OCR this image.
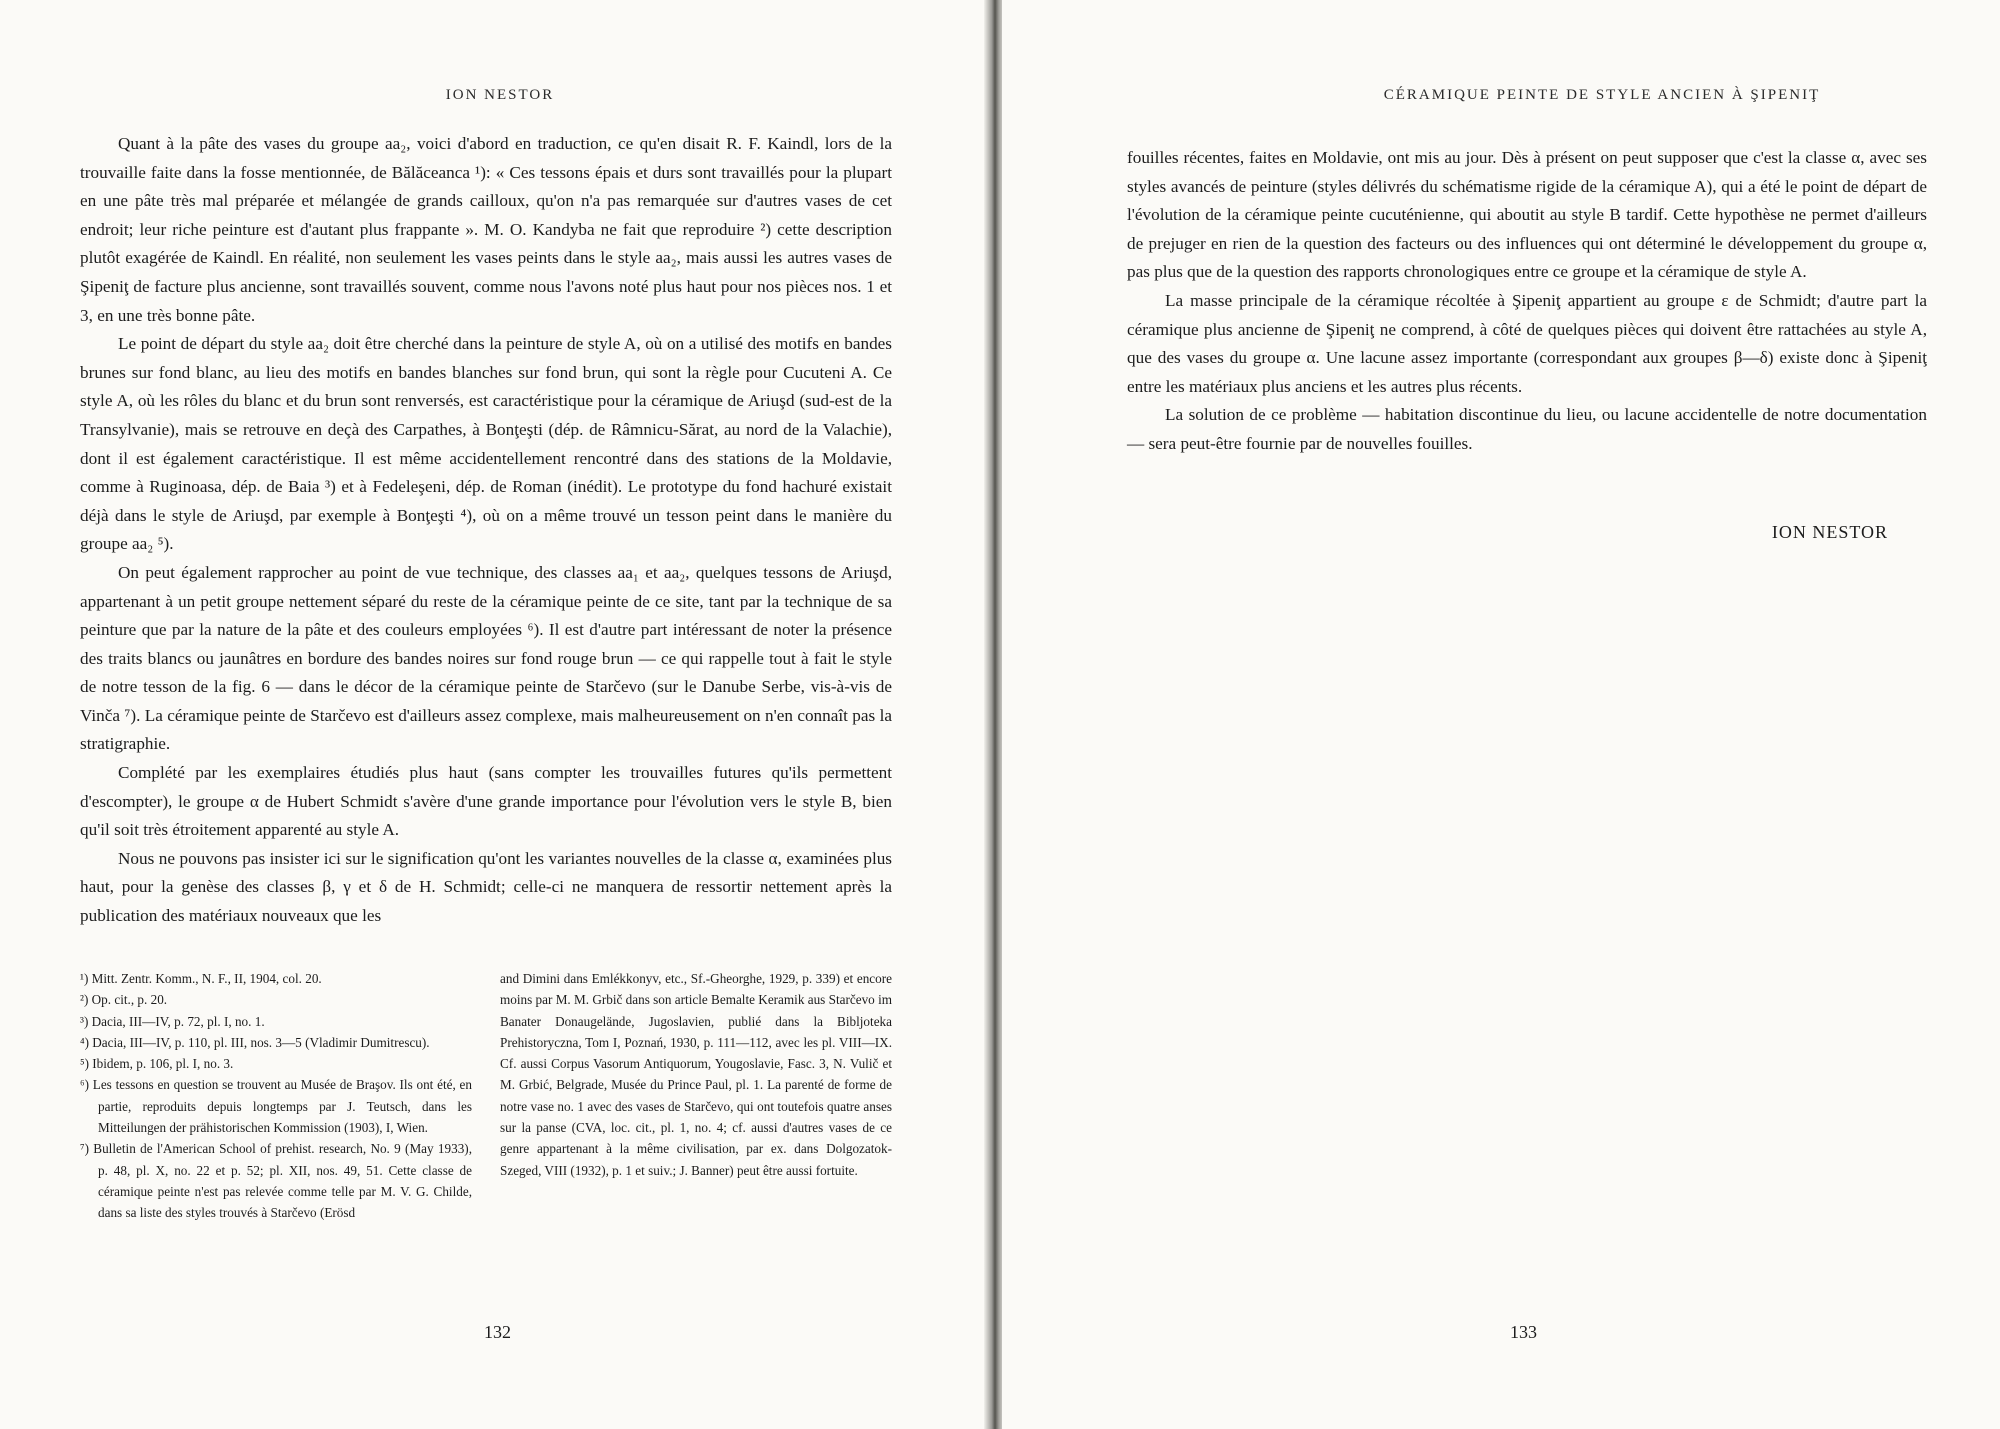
ION NESTOR

Quant à la pâte des vases du groupe aa₂, voici d'abord en traduction, ce qu'en disait R. F. Kaindl, lors de la trouvaille faite dans la fosse mentionnée, de Bălăceanca ¹): « Ces tessons épais et durs sont travaillés pour la plupart en une pâte très mal préparée et mélangée de grands cailloux, qu'on n'a pas remarquée sur d'autres vases de cet endroit; leur riche peinture est d'autant plus frappante ». M. O. Kandyba ne fait que reproduire ²) cette description plutôt exagérée de Kaindl. En réalité, non seulement les vases peints dans le style aa₂, mais aussi les autres vases de Şipeniţ de facture plus ancienne, sont travaillés souvent, comme nous l'avons noté plus haut pour nos pièces nos. 1 et 3, en une très bonne pâte.

Le point de départ du style aa₂ doit être cherché dans la peinture de style A, où on a utilisé des motifs en bandes brunes sur fond blanc, au lieu des motifs en bandes blanches sur fond brun, qui sont la règle pour Cucuteni A. Ce style A, où les rôles du blanc et du brun sont renversés, est caractéristique pour la céramique de Ariuşd (sud-est de la Transylvanie), mais se retrouve en deçà des Carpathes, à Bonţeşti (dép. de Râmnicu-Sărat, au nord de la Valachie), dont il est également caractéristique. Il est même accidentellement rencontré dans des stations de la Moldavie, comme à Ruginoasa, dép. de Baia ³) et à Fedeleşeni, dép. de Roman (inédit). Le prototype du fond hachuré existait déjà dans le style de Ariuşd, par exemple à Bonţeşti ⁴), où on a même trouvé un tesson peint dans le manière du groupe aa₂ ⁵).

On peut également rapprocher au point de vue technique, des classes aa₁ et aa₂, quelques tessons de Ariuşd, appartenant à un petit groupe nettement séparé du reste de la céramique peinte de ce site, tant par la technique de sa peinture que par la nature de la pâte et des couleurs employées ⁶). Il est d'autre part intéressant de noter la présence des traits blancs ou jaunâtres en bordure des bandes noires sur fond rouge brun — ce qui rappelle tout à fait le style de notre tesson de la fig. 6 — dans le décor de la céramique peinte de Starčevo (sur le Danube Serbe, vis-à-vis de Vinča ⁷). La céramique peinte de Starčevo est d'ailleurs assez complexe, mais malheureusement on n'en connaît pas la stratigraphie.

Complété par les exemplaires étudiés plus haut (sans compter les trouvailles futures qu'ils permettent d'escompter), le groupe α de Hubert Schmidt s'avère d'une grande importance pour l'évolution vers le style B, bien qu'il soit très étroitement apparenté au style A.

Nous ne pouvons pas insister ici sur le signification qu'ont les variantes nouvelles de la classe α, examinées plus haut, pour la genèse des classes β, γ et δ de H. Schmidt; celle-ci ne manquera de ressortir nettement après la publication des matériaux nouveaux que les

¹) Mitt. Zentr. Komm., N. F., II, 1904, col. 20.

²) Op. cit., p. 20.

³) Dacia, III—IV, p. 72, pl. I, no. 1.

⁴) Dacia, III—IV, p. 110, pl. III, nos. 3—5 (Vladimir Dumitrescu).

⁵) Ibidem, p. 106, pl. I, no. 3.

⁶) Les tessons en question se trouvent au Musée de Braşov. Ils ont été, en partie, reproduits depuis longtemps par J. Teutsch, dans les Mitteilungen der prähistorischen Kommission (1903), I, Wien.

⁷) Bulletin de l'American School of prehist. research, No. 9 (May 1933), p. 48, pl. X, no. 22 et p. 52; pl. XII, nos. 49, 51. Cette classe de céramique peinte n'est pas relevée comme telle par M. V. G. Childe, dans sa liste des styles trouvés à Starčevo (Erösd

and Dimini dans Emlékkonyv, etc., Sf.-Gheorghe, 1929, p. 339) et encore moins par M. M. Grbič dans son article Bemalte Keramik aus Starčevo im Banater Donaugelände, Jugoslavien, publié dans la Bibljoteka Prehistoryczna, Tom I, Poznań, 1930, p. 111—112, avec les pl. VIII—IX. Cf. aussi Corpus Vasorum Antiquorum, Yougoslavie, Fasc. 3, N. Vulič et M. Grbić, Belgrade, Musée du Prince Paul, pl. 1. La parenté de forme de notre vase no. 1 avec des vases de Starčevo, qui ont toutefois quatre anses sur la panse (CVA, loc. cit., pl. 1, no. 4; cf. aussi d'autres vases de ce genre appartenant à la même civilisation, par ex. dans Dolgozatok-Szeged, VIII (1932), p. 1 et suiv.; J. Banner) peut être aussi fortuite.

132
CÉRAMIQUE PEINTE DE STYLE ANCIEN À ŞIPENIŢ

fouilles récentes, faites en Moldavie, ont mis au jour. Dès à présent on peut supposer que c'est la classe α, avec ses styles avancés de peinture (styles délivrés du schématisme rigide de la céramique A), qui a été le point de départ de l'évolution de la céramique peinte cucuténienne, qui aboutit au style B tardif. Cette hypothèse ne permet d'ailleurs de prejuger en rien de la question des facteurs ou des influences qui ont déterminé le développement du groupe α, pas plus que de la question des rapports chronologiques entre ce groupe et la céramique de style A.

La masse principale de la céramique récoltée à Şipeniţ appartient au groupe ε de Schmidt; d'autre part la céramique plus ancienne de Şipeniţ ne comprend, à côté de quelques pièces qui doivent être rattachées au style A, que des vases du groupe α. Une lacune assez importante (correspondant aux groupes β—δ) existe donc à Şipeniţ entre les matériaux plus anciens et les autres plus récents.

La solution de ce problème — habitation discontinue du lieu, ou lacune accidentelle de notre documentation — sera peut-être fournie par de nouvelles fouilles.

ION NESTOR
133
